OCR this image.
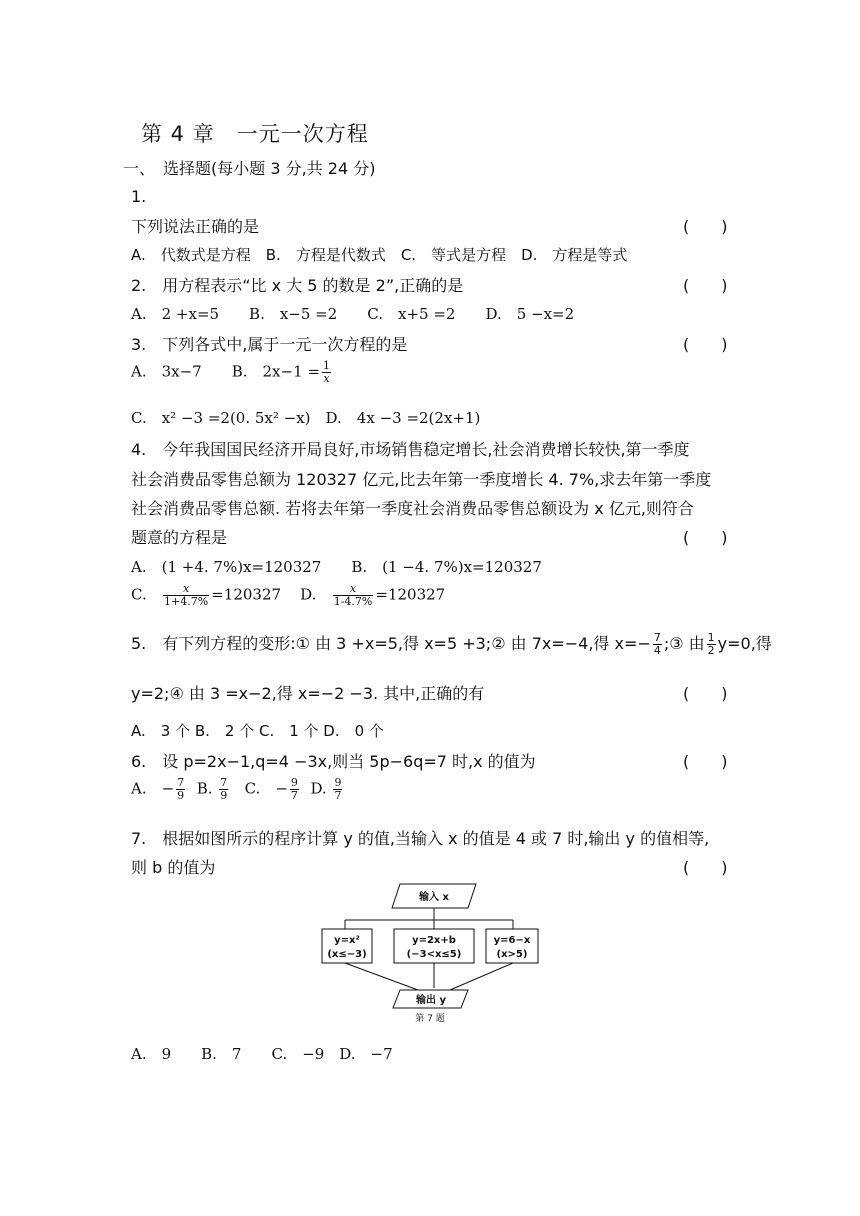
第 4 章　一元一次方程
一、　选择题(每小题 3 分,共 24 分)
1.
下列说法正确的是	(　　)
A.　代数式是方程　B.　方程是代数式　C.　等式是方程　D.　方程是等式
2.　用方程表示“比 x 大 5 的数是 2”,正确的是	(　　)
A.　2 +x=5　　B.　x−5 =2　　C.　x+5 =2　　D.　5 −x=2
3.　下列各式中,属于一元一次方程的是	(　　)
A.　3x−7　　B.　$2x-1 = \frac{1}{x}$
C.　x² −3 =2(0. 5x² −x)　D.　4x −3 =2(2x+1)
4.　今年我国国民经济开局良好,市场销售稳定增长,社会消费增长较快,第一季度
社会消费品零售总额为 120327 亿元,比去年第一季度增长 4. 7%,求去年第一季度
社会消费品零售总额. 若将去年第一季度社会消费品零售总额设为 x 亿元,则符合
题意的方程是	(　　)
A.　(1 +4. 7%)x=120327　　B.　(1 −4. 7%)x=120327
C. $\frac{x}{1+4.7\%} =120327$ D. $\frac{x}{1-4.7\%} =120327$
5.　有下列方程的变形:① 由 3 +x=5,得 x=5 +3;② 由 7x=−4,得 $x=- \frac{7}{4}$ ;③ 由 $\frac{1}{2} y=0$,得
y=2;④ 由 3 =x−2,得 x=−2 −3. 其中,正确的有	(　　)
A.　3 个 B.　2 个 C.　1 个 D.　0 个
6.　设 p=2x−1,q=4 −3x,则当 5p−6q=7 时,x 的值为	(　　)
A.　− $\frac{7}{9} B$. $\frac{7}{9} C$.　− $\frac{9}{7} D$. $\frac{9}{7}$
7.　根据如图所示的程序计算 y 的值,当输入 x 的值是 4 或 7 时,输出 y 的值相等,
则 b 的值为	(　　)
输入 x
y=x²
(x≤−3)
y=2x+b
(−3<x≤5)
y=6−x
(x>5)
输出 y
第 7 题
A.　9　　B.　7　　C.　−9　D.　−7
